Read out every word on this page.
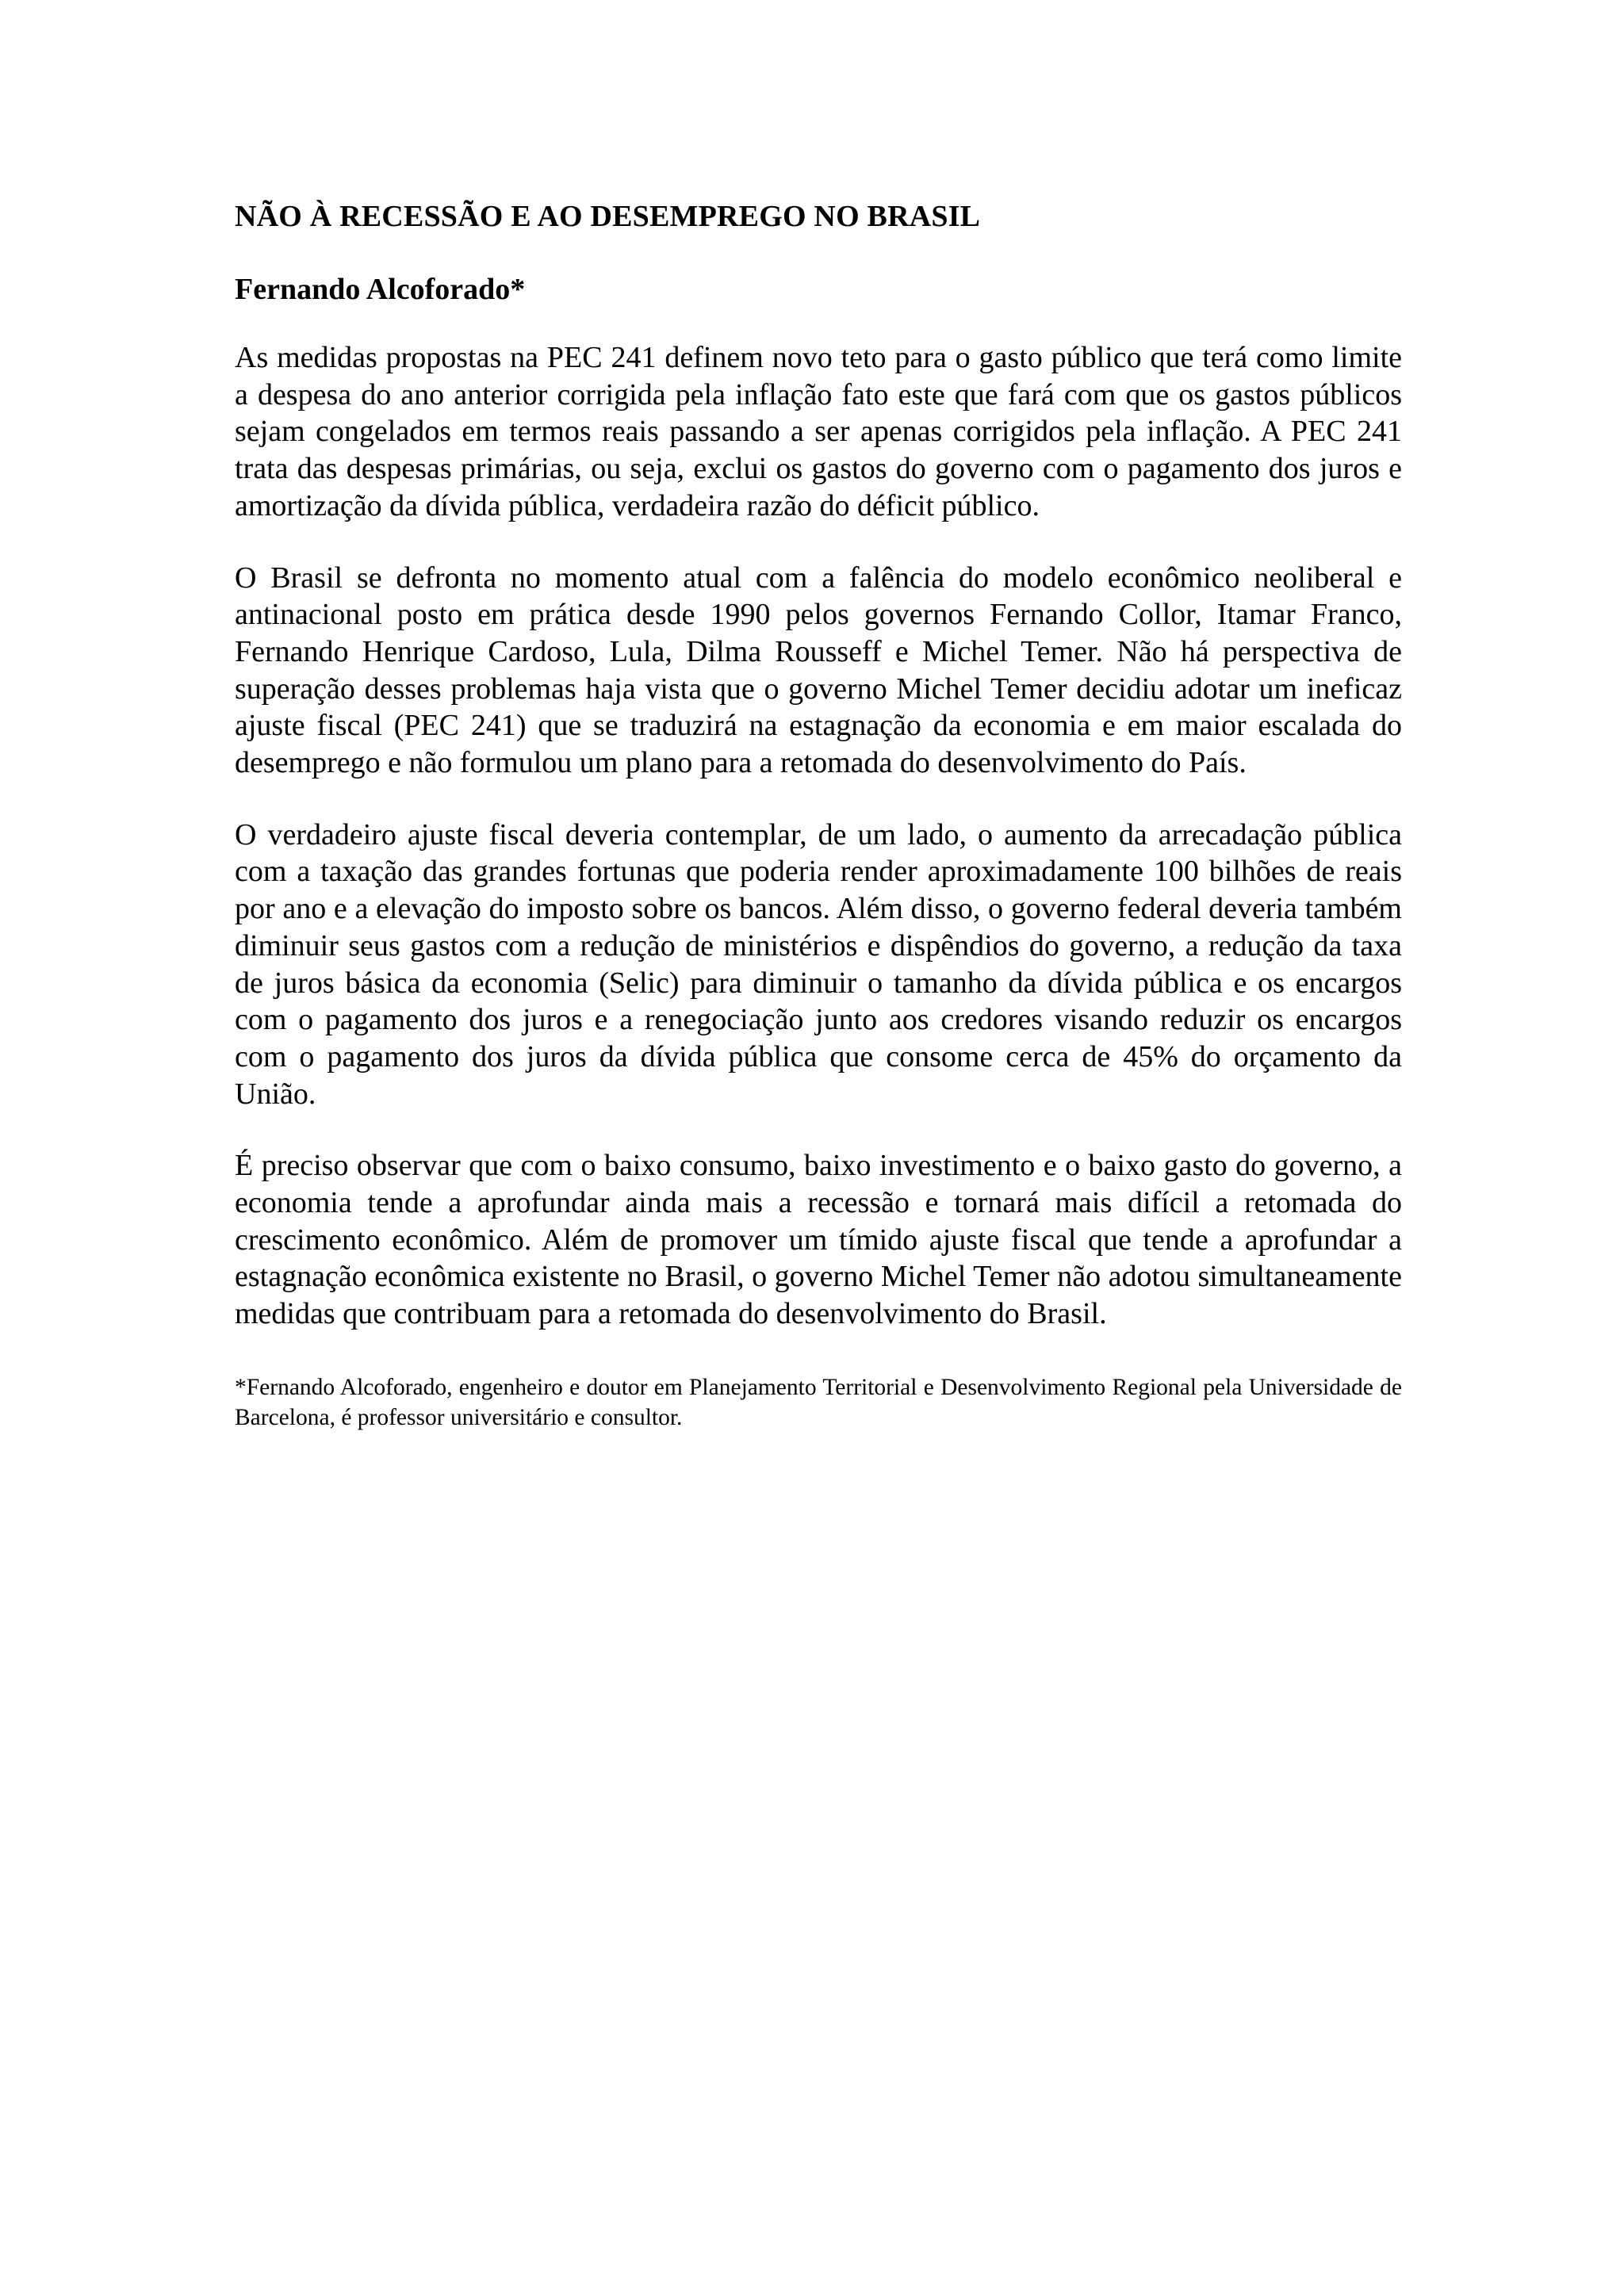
NÃO À RECESSÃO E AO DESEMPREGO NO BRASIL

Fernando Alcoforado*

As medidas propostas na PEC 241 definem novo teto para o gasto público que terá como limite a despesa do ano anterior corrigida pela inflação fato este que fará com que os gastos públicos sejam congelados em termos reais passando a ser apenas corrigidos pela inflação. A PEC 241 trata das despesas primárias, ou seja, exclui os gastos do governo com o pagamento dos juros e amortização da dívida pública, verdadeira razão do déficit público.

O Brasil se defronta no momento atual com a falência do modelo econômico neoliberal e antinacional posto em prática desde 1990 pelos governos Fernando Collor, Itamar Franco, Fernando Henrique Cardoso, Lula, Dilma Rousseff e Michel Temer. Não há perspectiva de superação desses problemas haja vista que o governo Michel Temer decidiu adotar um ineficaz ajuste fiscal (PEC 241) que se traduzirá na estagnação da economia e em maior escalada do desemprego e não formulou um plano para a retomada do desenvolvimento do País.

O verdadeiro ajuste fiscal deveria contemplar, de um lado, o aumento da arrecadação pública com a taxação das grandes fortunas que poderia render aproximadamente 100 bilhões de reais por ano e a elevação do imposto sobre os bancos. Além disso, o governo federal deveria também diminuir seus gastos com a redução de ministérios e dispêndios do governo, a redução da taxa de juros básica da economia (Selic) para diminuir o tamanho da dívida pública e os encargos com o pagamento dos juros e a renegociação junto aos credores visando reduzir os encargos com o pagamento dos juros da dívida pública que consome cerca de 45% do orçamento da União.

É preciso observar que com o baixo consumo, baixo investimento e o baixo gasto do governo, a economia tende a aprofundar ainda mais a recessão e tornará mais difícil a retomada do crescimento econômico. Além de promover um tímido ajuste fiscal que tende a aprofundar a estagnação econômica existente no Brasil, o governo Michel Temer não adotou simultaneamente medidas que contribuam para a retomada do desenvolvimento do Brasil.

*Fernando Alcoforado, engenheiro e doutor em Planejamento Territorial e Desenvolvimento Regional pela Universidade de Barcelona, é professor universitário e consultor.
